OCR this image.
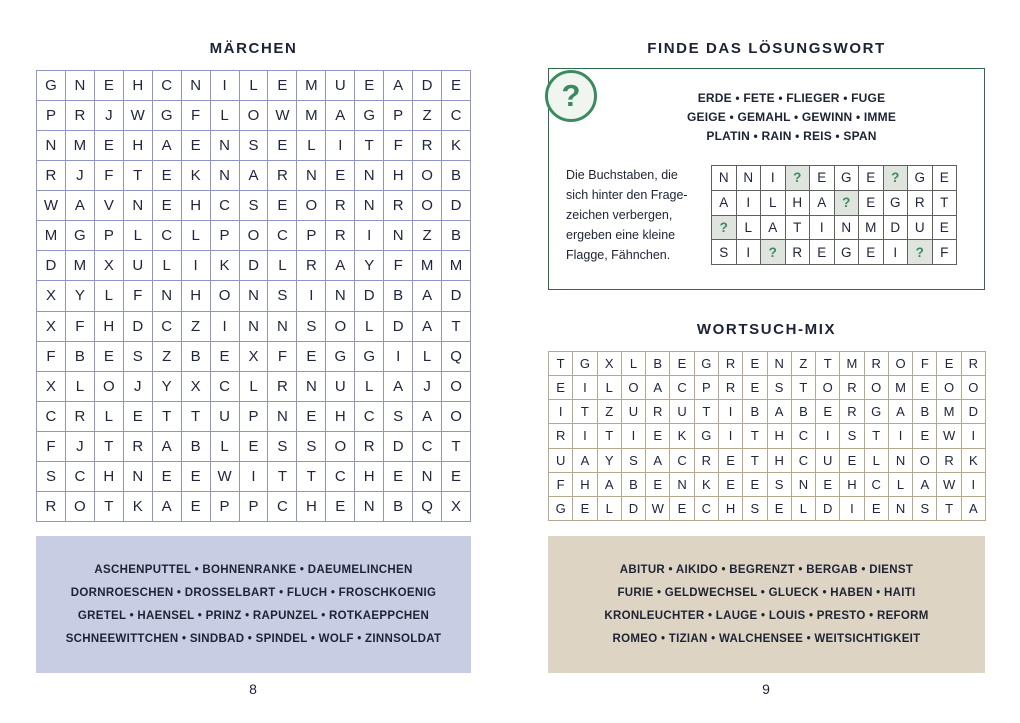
MÄRCHEN
G	N	E	H	C	N	I	L	E	M	U	E	A	D	E
P	R	J	W	G	F	L	O	W	M	A	G	P	Z	C
N	M	E	H	A	E	N	S	E	L	I	T	F	R	K
R	J	F	T	E	K	N	A	R	N	E	N	H	O	B
W	A	V	N	E	H	C	S	E	O	R	N	R	O	D
M	G	P	L	C	L	P	O	C	P	R	I	N	Z	B
D	M	X	U	L	I	K	D	L	R	A	Y	F	M	M
X	Y	L	F	N	H	O	N	S	I	N	D	B	A	D
X	F	H	D	C	Z	I	N	N	S	O	L	D	A	T
F	B	E	S	Z	B	E	X	F	E	G	G	I	L	Q
X	L	O	J	Y	X	C	L	R	N	U	L	A	J	O
C	R	L	E	T	T	U	P	N	E	H	C	S	A	O
F	J	T	R	A	B	L	E	S	S	O	R	D	C	T
S	C	H	N	E	E	W	I	T	T	C	H	E	N	E
R	O	T	K	A	E	P	P	C	H	E	N	B	Q	X
ASCHENPUTTEL • BOHNENRANKE • DAEUMELINCHEN
DORNROESCHEN • DROSSELBART • FLUCH • FROSCHKOENIG
GRETEL • HAENSEL • PRINZ • RAPUNZEL • ROTKAEPPCHEN
SCHNEEWITTCHEN • SINDBAD • SPINDEL • WOLF • ZINNSOLDAT
8
FINDE DAS LÖSUNGSWORT
ERDE • FETE • FLIEGER • FUGE
GEIGE • GEMAHL • GEWINN • IMME
PLATIN • RAIN • REIS • SPAN
Die Buchstaben, die
sich hinter den Frage-
zeichen verbergen,
ergeben eine kleine
Flagge, Fähnchen.
N	N	I	?	E	G	E	?	G	E
A	I	L	H	A	?	E	G	R	T
?	L	A	T	I	N	M	D	U	E
S	I	?	R	E	G	E	I	?	F
?
WORTSUCH-MIX
T	G	X	L	B	E	G	R	E	N	Z	T	M	R	O	F	E	R
E	I	L	O	A	C	P	R	E	S	T	O	R	O	M	E	O	O
I	T	Z	U	R	U	T	I	B	A	B	E	R	G	A	B	M	D
R	I	T	I	E	K	G	I	T	H	C	I	S	T	I	E	W	I
U	A	Y	S	A	C	R	E	T	H	C	U	E	L	N	O	R	K
F	H	A	B	E	N	K	E	E	S	N	E	H	C	L	A	W	I
G	E	L	D	W	E	C	H	S	E	L	D	I	E	N	S	T	A
ABITUR • AIKIDO • BEGRENZT • BERGAB • DIENST
FURIE • GELDWECHSEL • GLUECK • HABEN • HAITI
KRONLEUCHTER • LAUGE • LOUIS • PRESTO • REFORM
ROMEO • TIZIAN • WALCHENSEE • WEITSICHTIGKEIT
9
